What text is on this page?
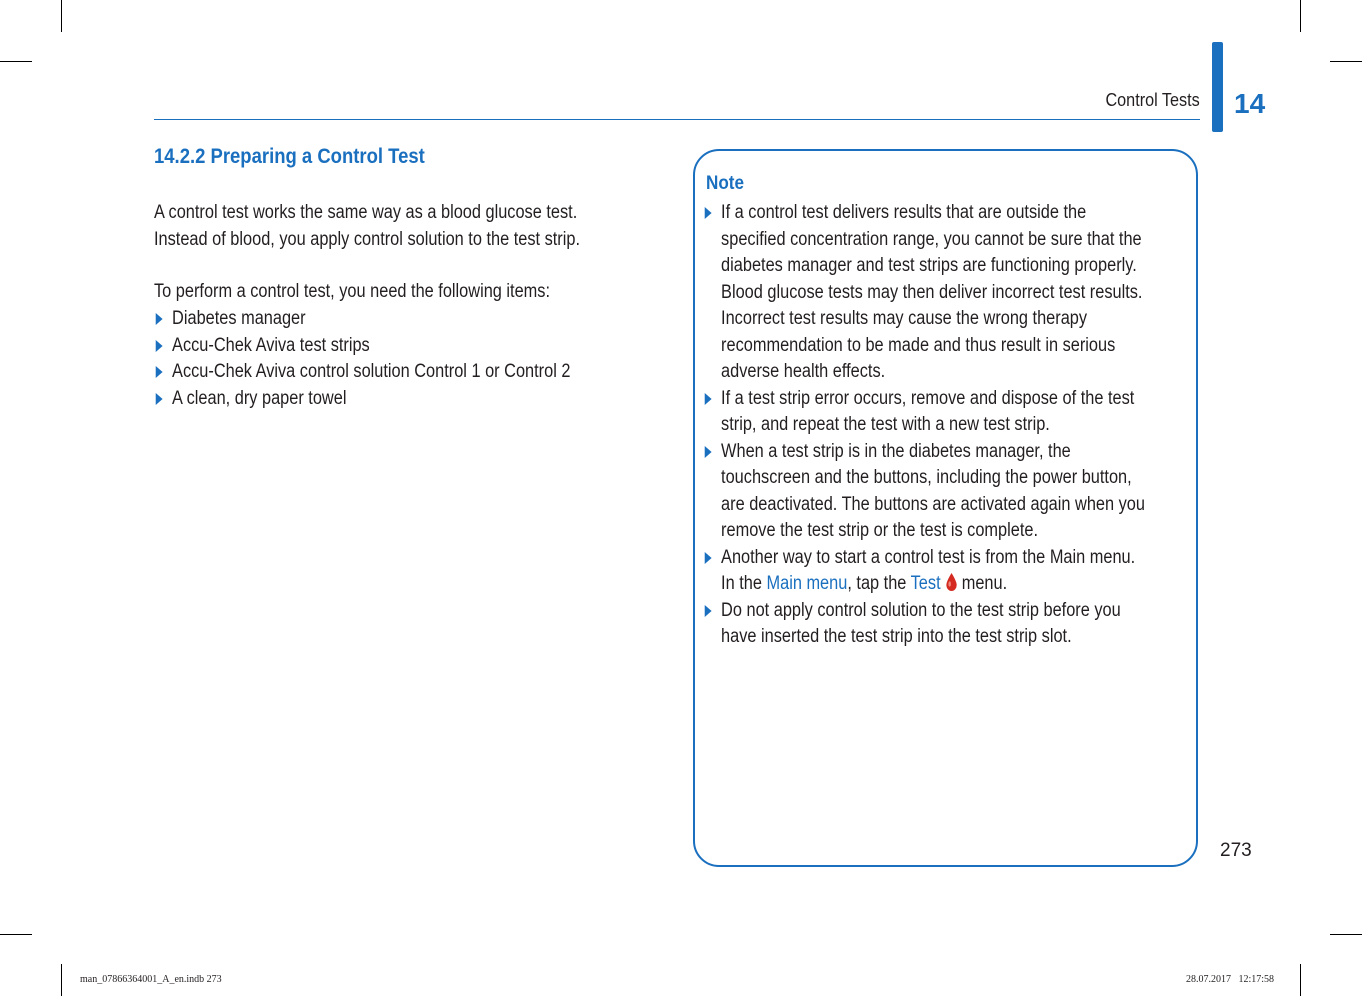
Control Tests 14
14.2.2 Preparing a Control Test
A control test works the same way as a blood glucose test.
Instead of blood, you apply control solution to the test strip.
To perform a control test, you need the following items:
Diabetes manager
Accu-Chek Aviva test strips
Accu-Chek Aviva control solution Control 1 or Control 2
A clean, dry paper towel
Note
If a control test delivers results that are outside the
specified concentration range, you cannot be sure that the
diabetes manager and test strips are functioning properly.
Blood glucose tests may then deliver incorrect test results.
Incorrect test results may cause the wrong therapy
recommendation to be made and thus result in serious
adverse health effects.
If a test strip error occurs, remove and dispose of the test
strip, and repeat the test with a new test strip.
When a test strip is in the diabetes manager, the
touchscreen and the buttons, including the power button,
are deactivated. The buttons are activated again when you
remove the test strip or the test is complete.
Another way to start a control test is from the Main menu.
In the Main menu, tap the Test  menu.
Do not apply control solution to the test strip before you
have inserted the test strip into the test strip slot.
273
man_07866364001_A_en.indb 273	28.07.2017   12:17:58
